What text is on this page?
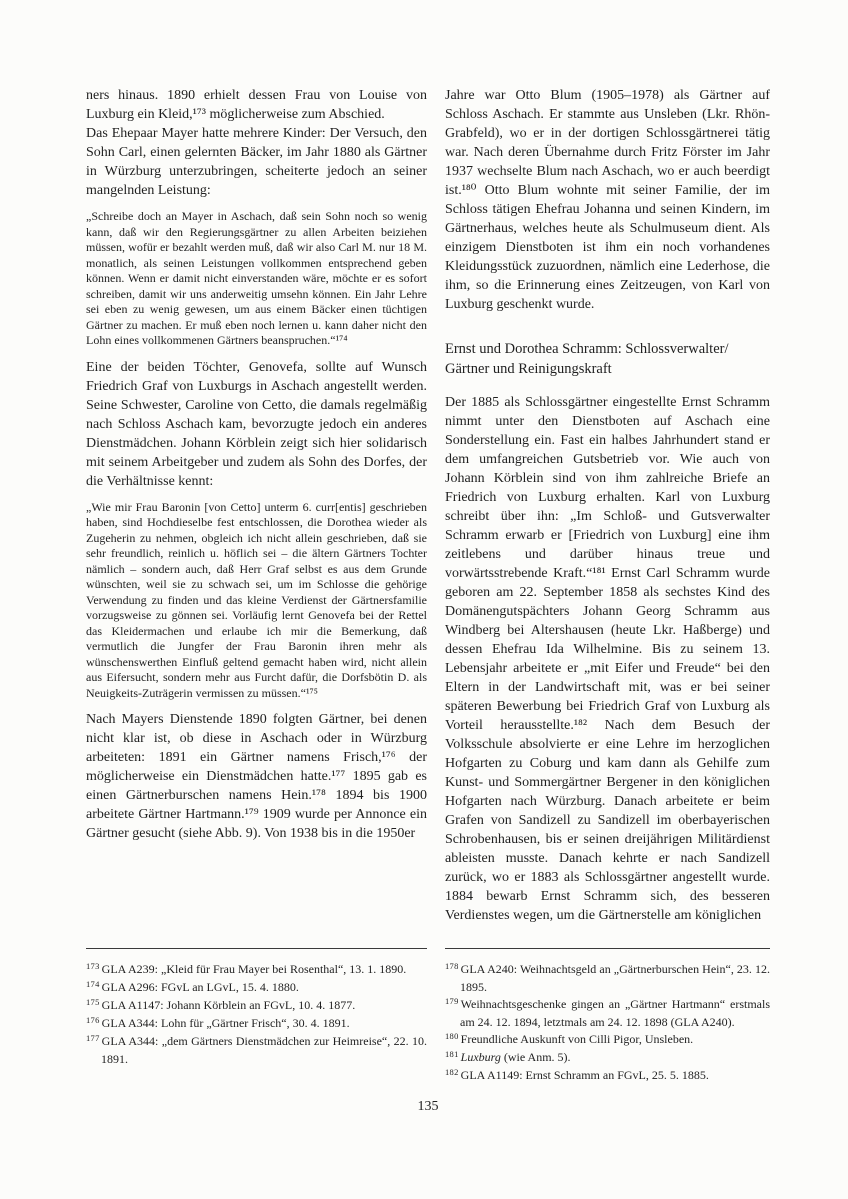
ners hinaus. 1890 erhielt dessen Frau von Louise von Luxburg ein Kleid,¹⁷³ möglicherweise zum Abschied.

Das Ehepaar Mayer hatte mehrere Kinder: Der Versuch, den Sohn Carl, einen gelernten Bäcker, im Jahr 1880 als Gärtner in Würzburg unterzubringen, scheiterte jedoch an seiner mangelnden Leistung:

„Schreibe doch an Mayer in Aschach, daß sein Sohn noch so wenig kann, daß wir den Regierungsgärtner zu allen Arbeiten beiziehen müssen, wofür er bezahlt werden muß, daß wir also Carl M. nur 18 M. monatlich, als seinen Leistungen vollkommen entsprechend geben können. Wenn er damit nicht einverstanden wäre, möchte er es sofort schreiben, damit wir uns anderweitig umsehn können. Ein Jahr Lehre sei eben zu wenig gewesen, um aus einem Bäcker einen tüchtigen Gärtner zu machen. Er muß eben noch lernen u. kann daher nicht den Lohn eines vollkommenen Gärtners beanspruchen.“¹⁷⁴

Eine der beiden Töchter, Genovefa, sollte auf Wunsch Friedrich Graf von Luxburgs in Aschach angestellt werden. Seine Schwester, Caroline von Cetto, die damals regelmäßig nach Schloss Aschach kam, bevorzugte jedoch ein anderes Dienstmädchen. Johann Körblein zeigt sich hier solidarisch mit seinem Arbeitgeber und zudem als Sohn des Dorfes, der die Verhältnisse kennt:

„Wie mir Frau Baronin [von Cetto] unterm 6. curr[entis] geschrieben haben, sind Hochdieselbe fest entschlossen, die Dorothea wieder als Zugeherin zu nehmen, obgleich ich nicht allein geschrieben, daß sie sehr freundlich, reinlich u. höflich sei – die ältern Gärtners Tochter nämlich – sondern auch, daß Herr Graf selbst es aus dem Grunde wünschten, weil sie zu schwach sei, um im Schlosse die gehörige Verwendung zu finden und das kleine Verdienst der Gärtnersfamilie vorzugsweise zu gönnen sei. Vorläufig lernt Genovefa bei der Rettel das Kleidermachen und erlaube ich mir die Bemerkung, daß vermutlich die Jungfer der Frau Baronin ihren mehr als wünschenswerthen Einfluß geltend gemacht haben wird, nicht allein aus Eifersucht, sondern mehr aus Furcht dafür, die Dorfsbötin D. als Neuigkeits-Zuträgerin vermissen zu müssen.“¹⁷⁵

Nach Mayers Dienstende 1890 folgten Gärtner, bei denen nicht klar ist, ob diese in Aschach oder in Würzburg arbeiteten: 1891 ein Gärtner namens Frisch,¹⁷⁶ der möglicherweise ein Dienstmädchen hatte.¹⁷⁷ 1895 gab es einen Gärtnerburschen namens Hein.¹⁷⁸ 1894 bis 1900 arbeitete Gärtner Hartmann.¹⁷⁹ 1909 wurde per Annonce ein Gärtner gesucht (siehe Abb. 9). Von 1938 bis in die 1950er

$^{173}$ GLA A239: „Kleid für Frau Mayer bei Rosenthal“, 13. 1. 1890.
$^{174}$ GLA A296: FGvL an LGvL, 15. 4. 1880.
$^{175}$ GLA A1147: Johann Körblein an FGvL, 10. 4. 1877.
$^{176}$ GLA A344: Lohn für „Gärtner Frisch“, 30. 4. 1891.
$^{177}$ GLA A344: „dem Gärtners Dienstmädchen zur Heimreise“, 22. 10. 1891.

Jahre war Otto Blum (1905–1978) als Gärtner auf Schloss Aschach. Er stammte aus Unsleben (Lkr. Rhön-Grabfeld), wo er in der dortigen Schlossgärtnerei tätig war. Nach deren Übernahme durch Fritz Förster im Jahr 1937 wechselte Blum nach Aschach, wo er auch beerdigt ist.¹⁸⁰ Otto Blum wohnte mit seiner Familie, der im Schloss tätigen Ehefrau Johanna und seinen Kindern, im Gärtnerhaus, welches heute als Schulmuseum dient. Als einzigem Dienstboten ist ihm ein noch vorhandenes Kleidungsstück zuzuordnen, nämlich eine Lederhose, die ihm, so die Erinnerung eines Zeitzeugen, von Karl von Luxburg geschenkt wurde.

Ernst und Dorothea Schramm: Schlossverwalter/
Gärtner und Reinigungskraft

Der 1885 als Schlossgärtner eingestellte Ernst Schramm nimmt unter den Dienstboten auf Aschach eine Sonderstellung ein. Fast ein halbes Jahrhundert stand er dem umfangreichen Gutsbetrieb vor. Wie auch von Johann Körblein sind von ihm zahlreiche Briefe an Friedrich von Luxburg erhalten. Karl von Luxburg schreibt über ihn: „Im Schloß- und Gutsverwalter Schramm erwarb er [Friedrich von Luxburg] eine ihm zeitlebens und darüber hinaus treue und vorwärtsstrebende Kraft.“¹⁸¹ Ernst Carl Schramm wurde geboren am 22. September 1858 als sechstes Kind des Domänengutspächters Johann Georg Schramm aus Windberg bei Altershausen (heute Lkr. Haßberge) und dessen Ehefrau Ida Wilhelmine. Bis zu seinem 13. Lebensjahr arbeitete er „mit Eifer und Freude“ bei den Eltern in der Landwirtschaft mit, was er bei seiner späteren Bewerbung bei Friedrich Graf von Luxburg als Vorteil herausstellte.¹⁸² Nach dem Besuch der Volksschule absolvierte er eine Lehre im herzoglichen Hofgarten zu Coburg und kam dann als Gehilfe zum Kunst- und Sommergärtner Bergener in den königlichen Hofgarten nach Würzburg. Danach arbeitete er beim Grafen von Sandizell zu Sandizell im oberbayerischen Schrobenhausen, bis er seinen dreijährigen Militärdienst ableisten musste. Danach kehrte er nach Sandizell zurück, wo er 1883 als Schlossgärtner angestellt wurde. 1884 bewarb Ernst Schramm sich, des besseren Verdienstes wegen, um die Gärtnerstelle am königlichen

$^{178}$ GLA A240: Weihnachtsgeld an „Gärtnerburschen Hein“, 23. 12. 1895.
$^{179}$ Weihnachtsgeschenke gingen an „Gärtner Hartmann“ erstmals am 24. 12. 1894, letztmals am 24. 12. 1898 (GLA A240).
$^{180}$ Freundliche Auskunft von Cilli Pigor, Unsleben.
$^{181}$ Luxburg (wie Anm. 5).
$^{182}$ GLA A1149: Ernst Schramm an FGvL, 25. 5. 1885.
135
